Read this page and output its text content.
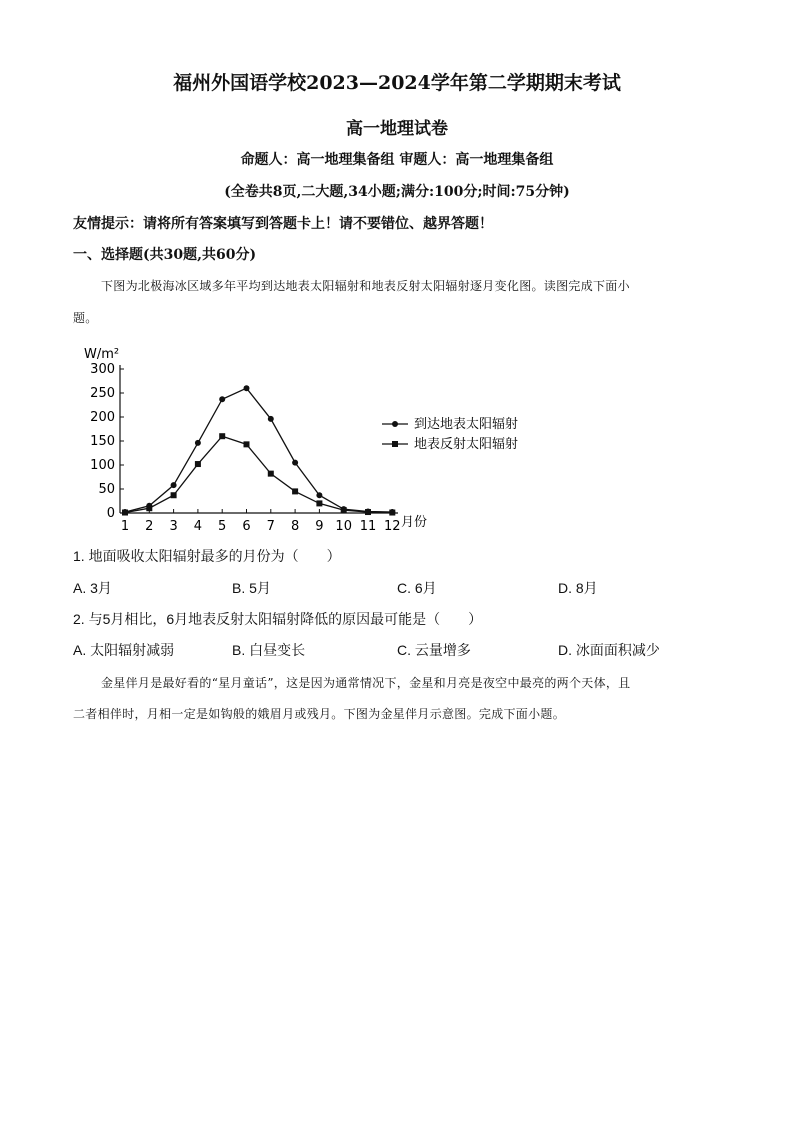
福州外国语学校2023—2024学年第二学期期末考试
高一地理试卷
命题人：高一地理集备组 审题人：高一地理集备组
(全卷共8页,二大题,34小题;满分:100分;时间:75分钟)
友情提示：请将所有答案填写到答题卡上！请不要错位、越界答题！
一、选择题(共30题,共60分)
下图为北极海冰区域多年平均到达地表太阳辐射和地表反射太阳辐射逐月变化图。读图完成下面小
题。
W/m²
0
50
100
150
200
250
300
1 2 3 4 5 6 7 8 9 10 11 12 月份
到达地表太阳辐射
地表反射太阳辐射
1. 地面吸收太阳辐射最多的月份为（　　）
A. 3月	B. 5月	C. 6月	D. 8月
2. 与5月相比，6月地表反射太阳辐射降低的原因最可能是（　　）
A. 太阳辐射减弱	B. 白昼变长	C. 云量增多	D. 冰面面积减少
金星伴月是最好看的“星月童话”，这是因为通常情况下，金星和月亮是夜空中最亮的两个天体，且
二者相伴时，月相一定是如钩般的娥眉月或残月。下图为金星伴月示意图。完成下面小题。
